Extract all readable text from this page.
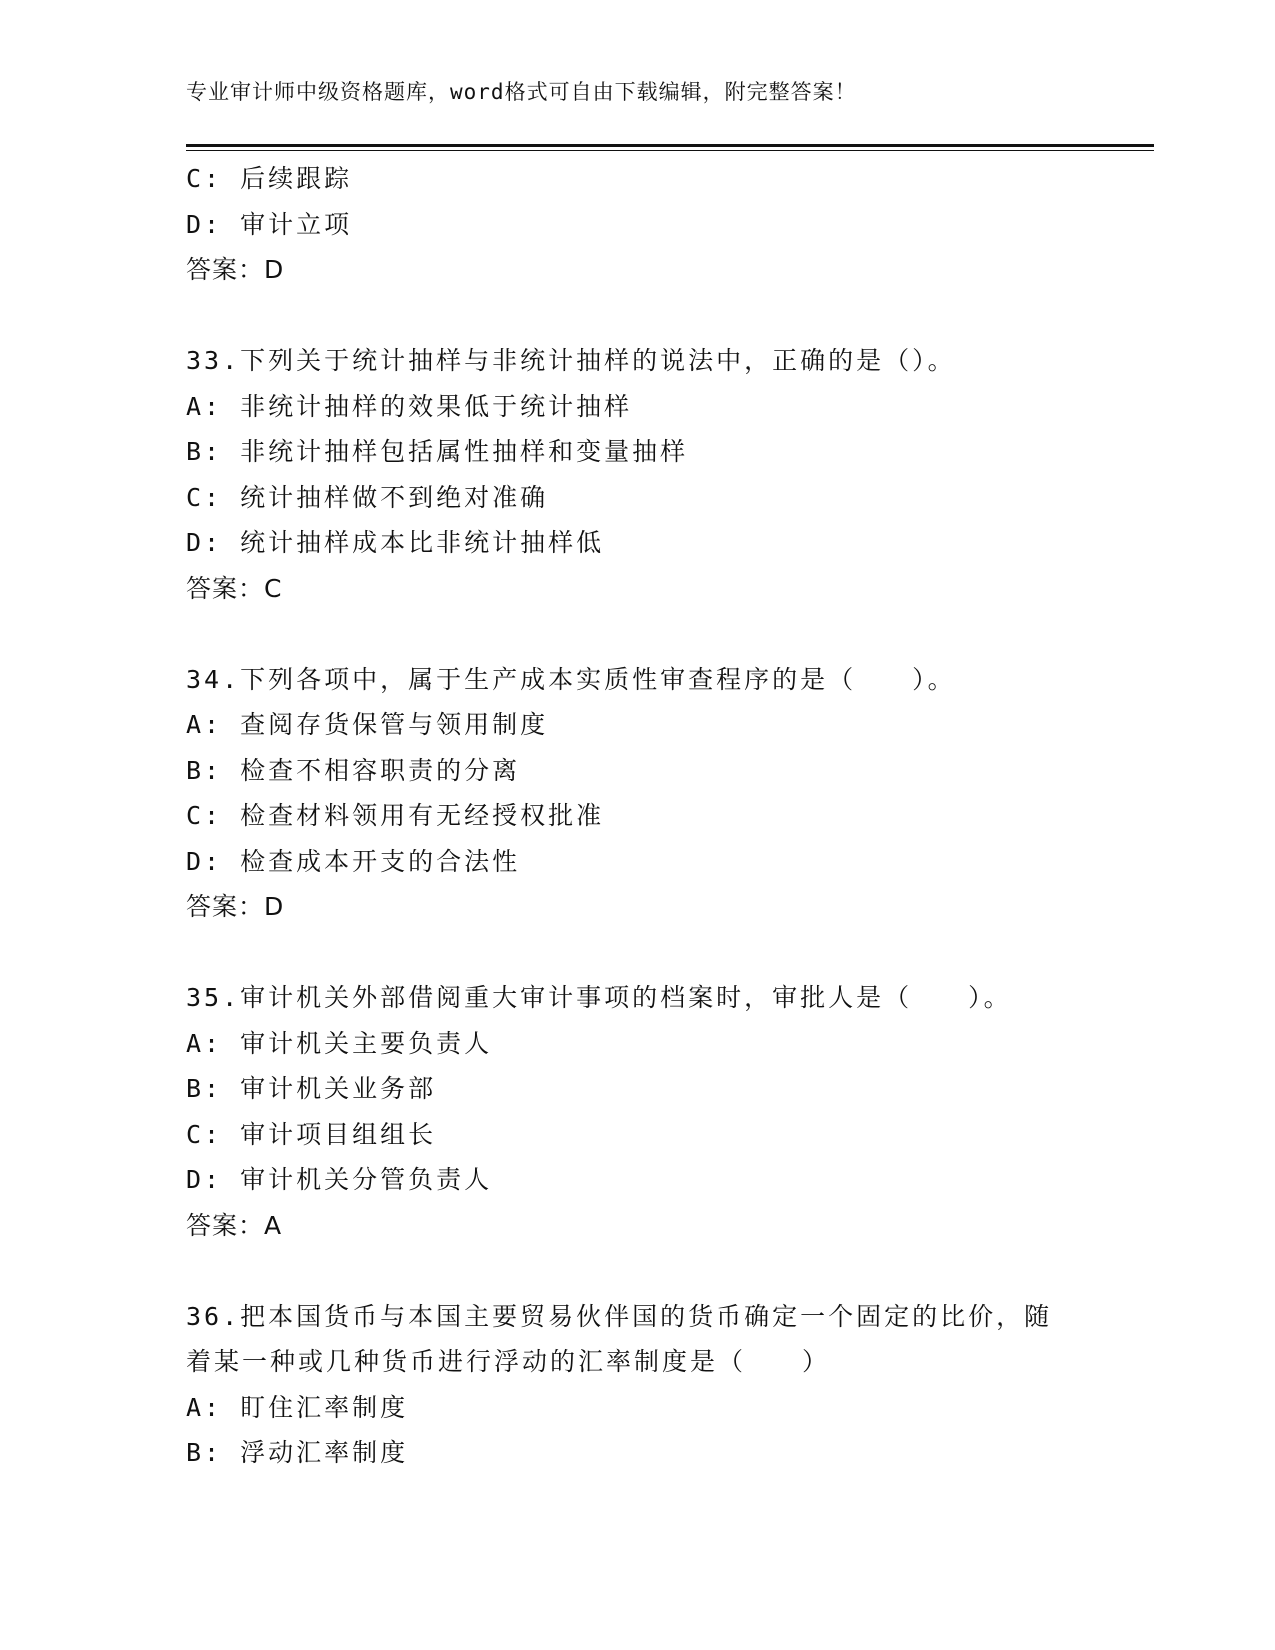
专业审计师中级资格题库，word格式可自由下载编辑，附完整答案！
C: 后续跟踪
D: 审计立项
答案：D
33.下列关于统计抽样与非统计抽样的说法中，正确的是（）。
A: 非统计抽样的效果低于统计抽样
B: 非统计抽样包括属性抽样和变量抽样
C: 统计抽样做不到绝对准确
D: 统计抽样成本比非统计抽样低
答案：C
34.下列各项中，属于生产成本实质性审查程序的是（　　）。
A: 查阅存货保管与领用制度
B: 检查不相容职责的分离
C: 检查材料领用有无经授权批准
D: 检查成本开支的合法性
答案：D
35.审计机关外部借阅重大审计事项的档案时，审批人是（　　）。
A: 审计机关主要负责人
B: 审计机关业务部
C: 审计项目组组长
D: 审计机关分管负责人
答案：A
36.把本国货币与本国主要贸易伙伴国的货币确定一个固定的比价，随
着某一种或几种货币进行浮动的汇率制度是（　　）
A: 盯住汇率制度
B: 浮动汇率制度
